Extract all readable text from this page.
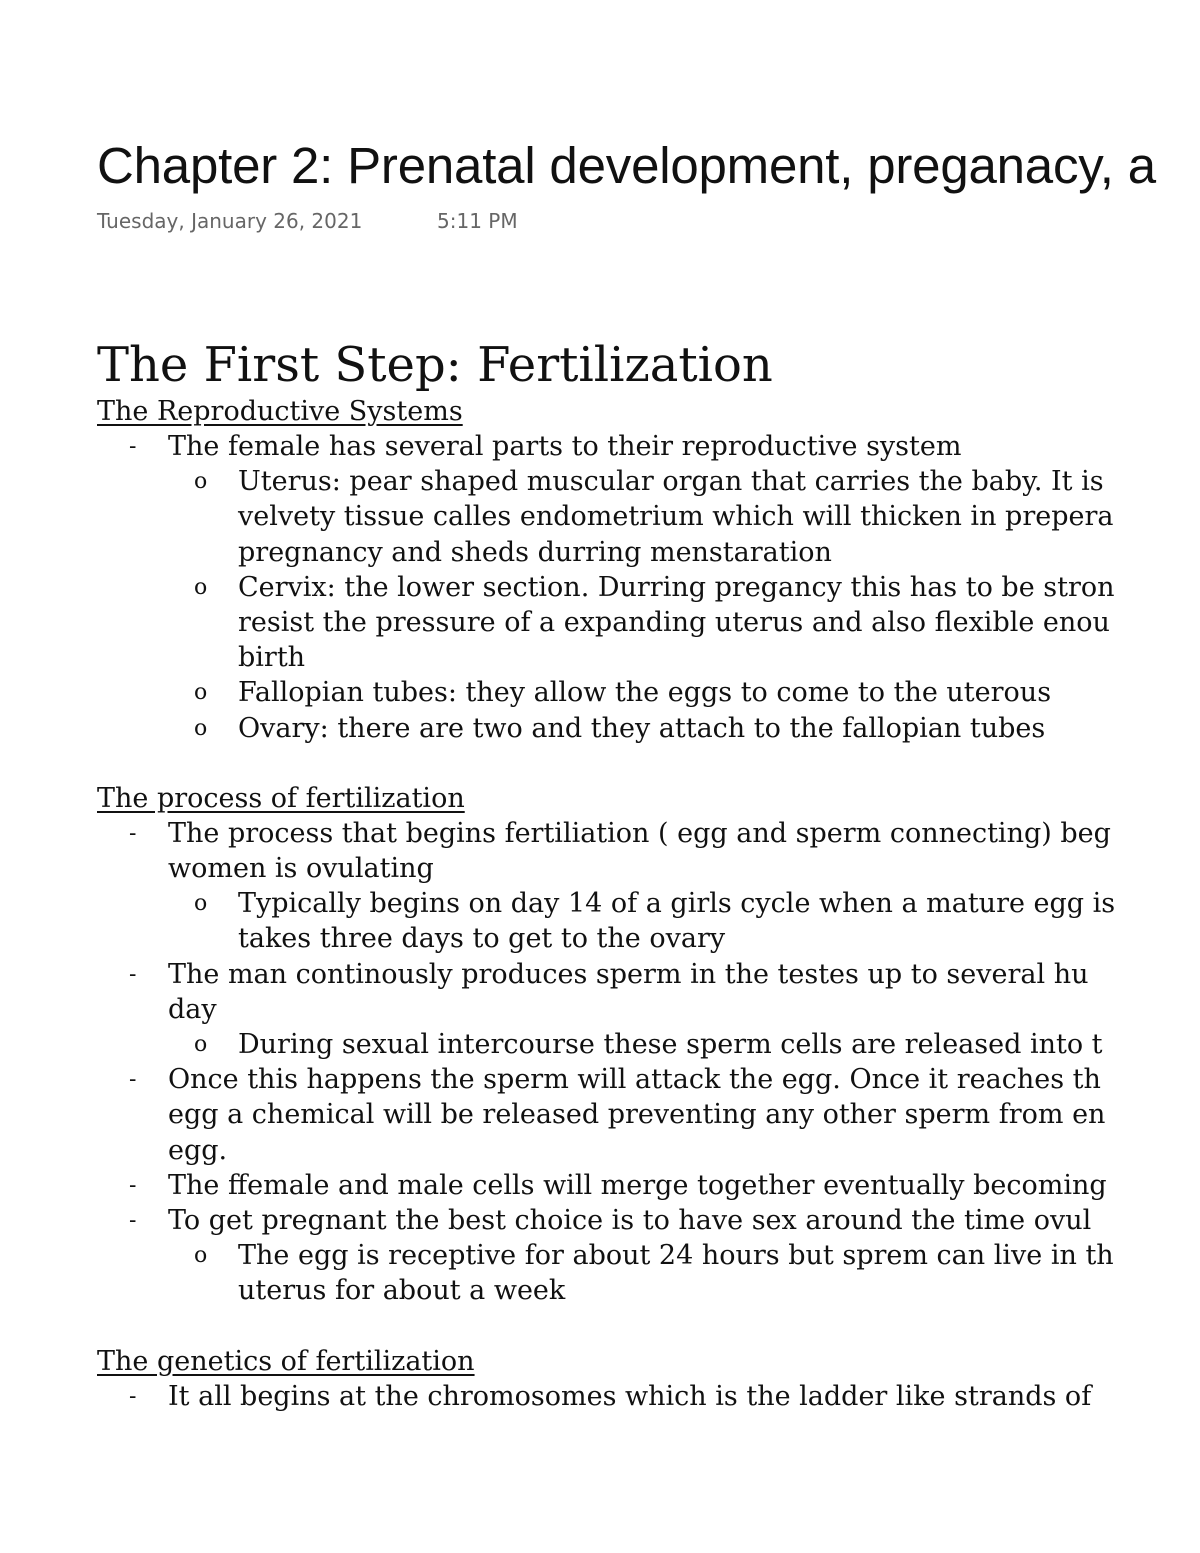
Chapter 2: Prenatal development, preganacy, a
Tuesday, January 26, 2021	5:11 PM
The First Step: Fertilization
The Reproductive Systems
- The female has several parts to their reproductive system
o Uterus: pear shaped muscular organ that carries the baby. It is
velvety tissue calles endometrium which will thicken in prepera
pregnancy and sheds durring menstaration
o Cervix: the lower section. Durring pregancy this has to be stron
resist the pressure of a expanding uterus and also flexible enou
birth
o Fallopian tubes: they allow the eggs to come to the uterous
o Ovary: there are two and they attach to the fallopian tubes
The process of fertilization
- The process that begins fertiliation ( egg and sperm connecting) beg
women is ovulating
o Typically begins on day 14 of a girls cycle when a mature egg is
takes three days to get to the ovary
- The man continously produces sperm in the testes up to several hu
day
o During sexual intercourse these sperm cells are released into t
- Once this happens the sperm will attack the egg. Once it reaches th
egg a chemical will be released preventing any other sperm from en
egg.
- The ffemale and male cells will merge together eventually becoming
- To get pregnant the best choice is to have sex around the time ovul
o The egg is receptive for about 24 hours but sprem can live in th
uterus for about a week
The genetics of fertilization
- It all begins at the chromosomes which is the ladder like strands of
